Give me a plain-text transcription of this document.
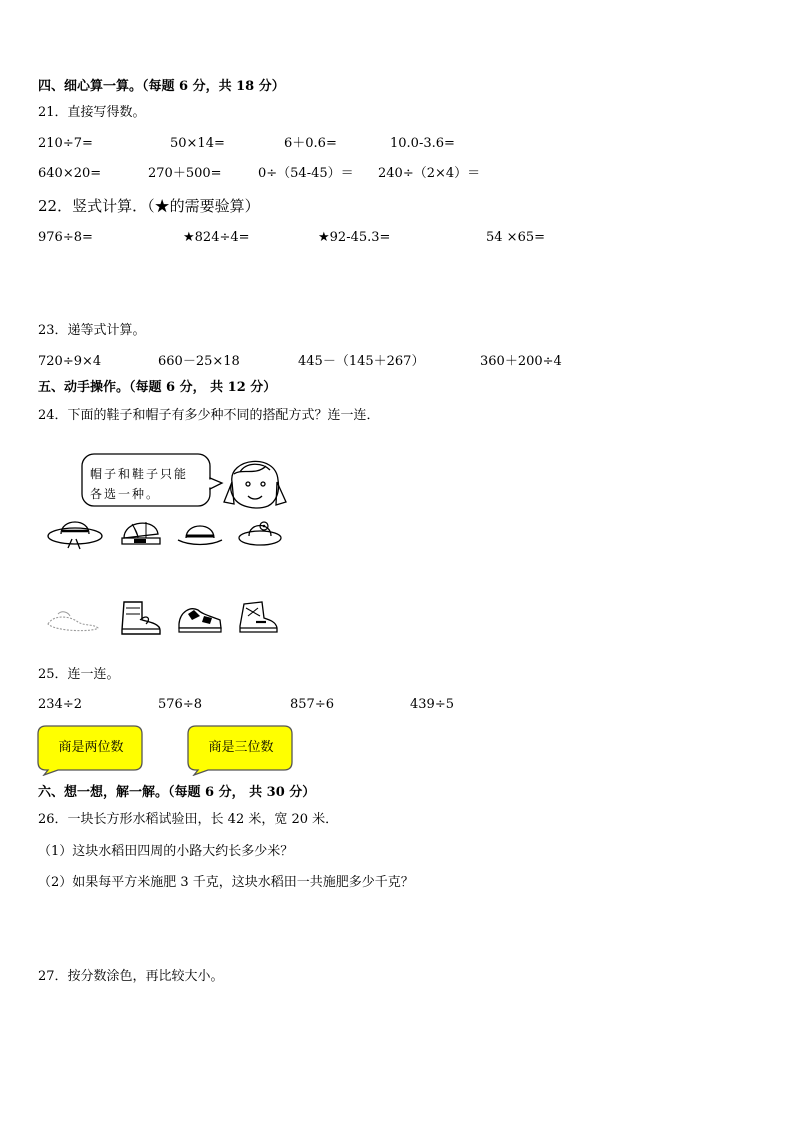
四、细心算一算。（每题 6 分，共 18 分）
21．直接写得数。
210÷7=	50×14=	6＋0.6=	10.0-3.6=
640×20=	270＋500=	0÷（54-45）＝ 240÷（2×4）＝
22．竖式计算．（★的需要验算）
976÷8=	★824÷4=	★92-45.3=	54 ×65=
23．递等式计算。
720÷9×4	660－25×18	445－（145＋267）	360＋200÷4
五、动手操作。（每题 6 分， 共 12 分）
24．下面的鞋子和帽子有多少种不同的搭配方式？连一连．
帽子和鞋子只能
各选一种。
25．连一连。
234÷2	576÷8	857÷6	439÷5
商是两位数	商是三位数
六、想一想，解一解。（每题 6 分， 共 30 分）
26．一块长方形水稻试验田，长 42 米，宽 20 米．
（1）这块水稻田四周的小路大约长多少米？
（2）如果每平方米施肥 3 千克，这块水稻田一共施肥多少千克？
27．按分数涂色，再比较大小。
